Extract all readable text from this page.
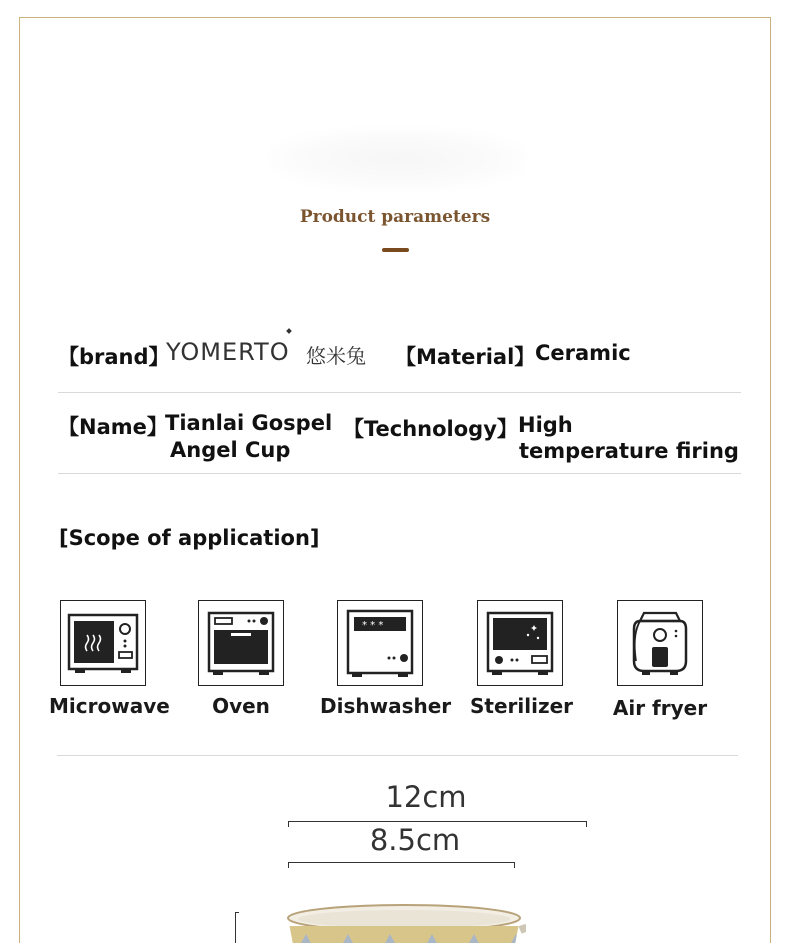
Product parameters
【brand】
YOMERTO 悠米兔 【Material】 Ceramic
【Name】
Tianlai Gospel
Angel Cup
【Technology】 High
temperature firing
[Scope of application]
Microwave	Oven
* * *
Dishwasher Sterilizer Air fryer
12cm
8.5cm
